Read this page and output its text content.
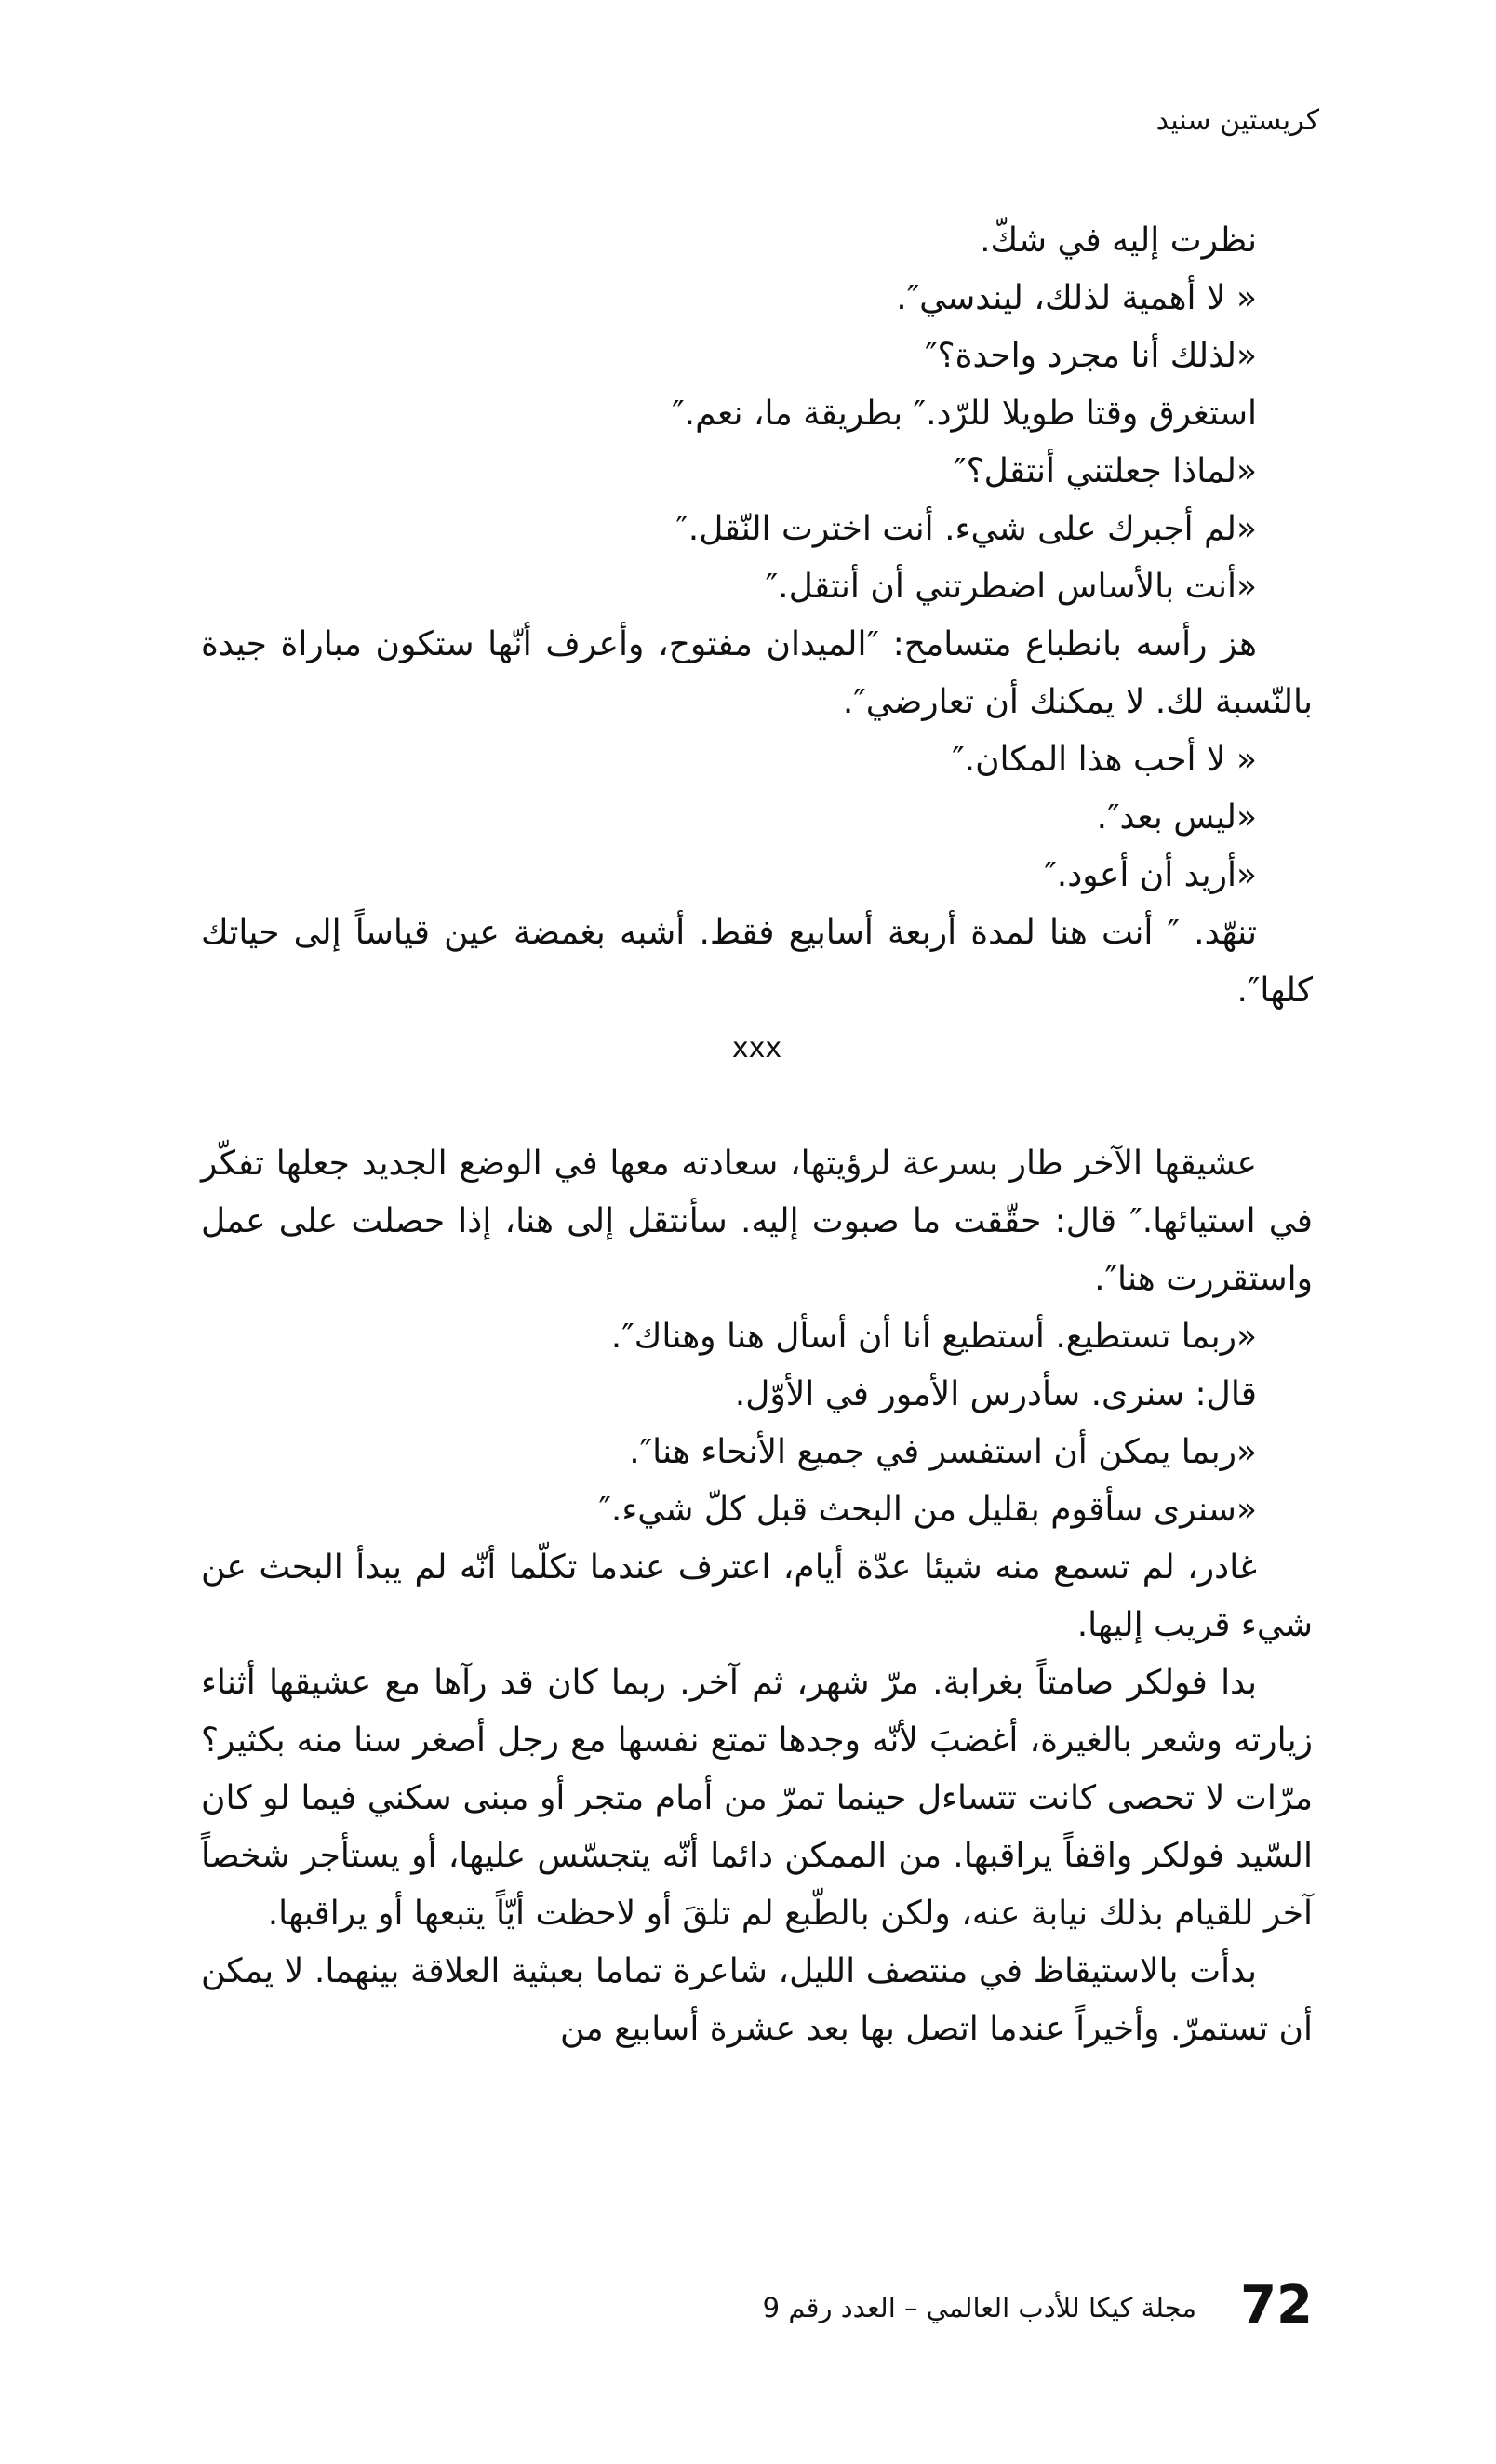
كريستين سنيد

نظرت إليه في شكّ.

« لا أهمية لذلك، ليندسي″.

«لذلك أنا مجرد واحدة؟″

استغرق وقتا طويلا للرّد.″ بطريقة ما، نعم.″

«لماذا جعلتني أنتقل؟″

«لم أجبرك على شيء. أنت اخترت النّقل.″

«أنت بالأساس اضطرتني أن أنتقل.″

هز رأسه بانطباع متسامح: ″الميدان مفتوح، وأعرف أنّها ستكون مباراة جيدة بالنّسبة لك. لا يمكنك أن تعارضي″.

« لا أحب هذا المكان.″

«ليس بعد″.

«أريد أن أعود.″

تنهّد. ″ أنت هنا لمدة أربعة أسابيع فقط. أشبه بغمضة عين قياساً إلى حياتك كلها″.

xxx

عشيقها الآخر طار بسرعة لرؤيتها، سعادته معها في الوضع الجديد جعلها تفكّر في استيائها.″ قال: حقّقت ما صبوت إليه. سأنتقل إلى هنا، إذا حصلت على عمل واستقررت هنا″.

«ربما تستطيع. أستطيع أنا أن أسأل هنا وهناك″.

قال: سنرى. سأدرس الأمور في الأوّل.

«ربما يمكن أن استفسر في جميع الأنحاء هنا″.

«سنرى سأقوم بقليل من البحث قبل كلّ شيء.″

غادر، لم تسمع منه شيئا عدّة أيام، اعترف عندما تكلّما أنّه لم يبدأ البحث عن شيء قريب إليها.

بدا فولكر صامتاً بغرابة. مرّ شهر، ثم آخر. ربما كان قد رآها مع عشيقها أثناء زيارته وشعر بالغيرة، أغضبَ لأنّه وجدها تمتع نفسها مع رجل أصغر سنا منه بكثير؟ مرّات لا تحصى كانت تتساءل حينما تمرّ من أمام متجر أو مبنى سكني فيما لو كان السّيد فولكر واقفاً يراقبها. من الممكن دائما أنّه يتجسّس عليها، أو يستأجر شخصاً آخر للقيام بذلك نيابة عنه، ولكن بالطّبع لم تلقَ أو لاحظت أيّاً يتبعها أو يراقبها.

بدأت بالاستيقاظ في منتصف الليل، شاعرة تماما بعبثية العلاقة بينهما. لا يمكن أن تستمرّ. وأخيراً عندما اتصل بها بعد عشرة أسابيع من

72
مجلة كيكا للأدب العالمي – العدد رقم 9
